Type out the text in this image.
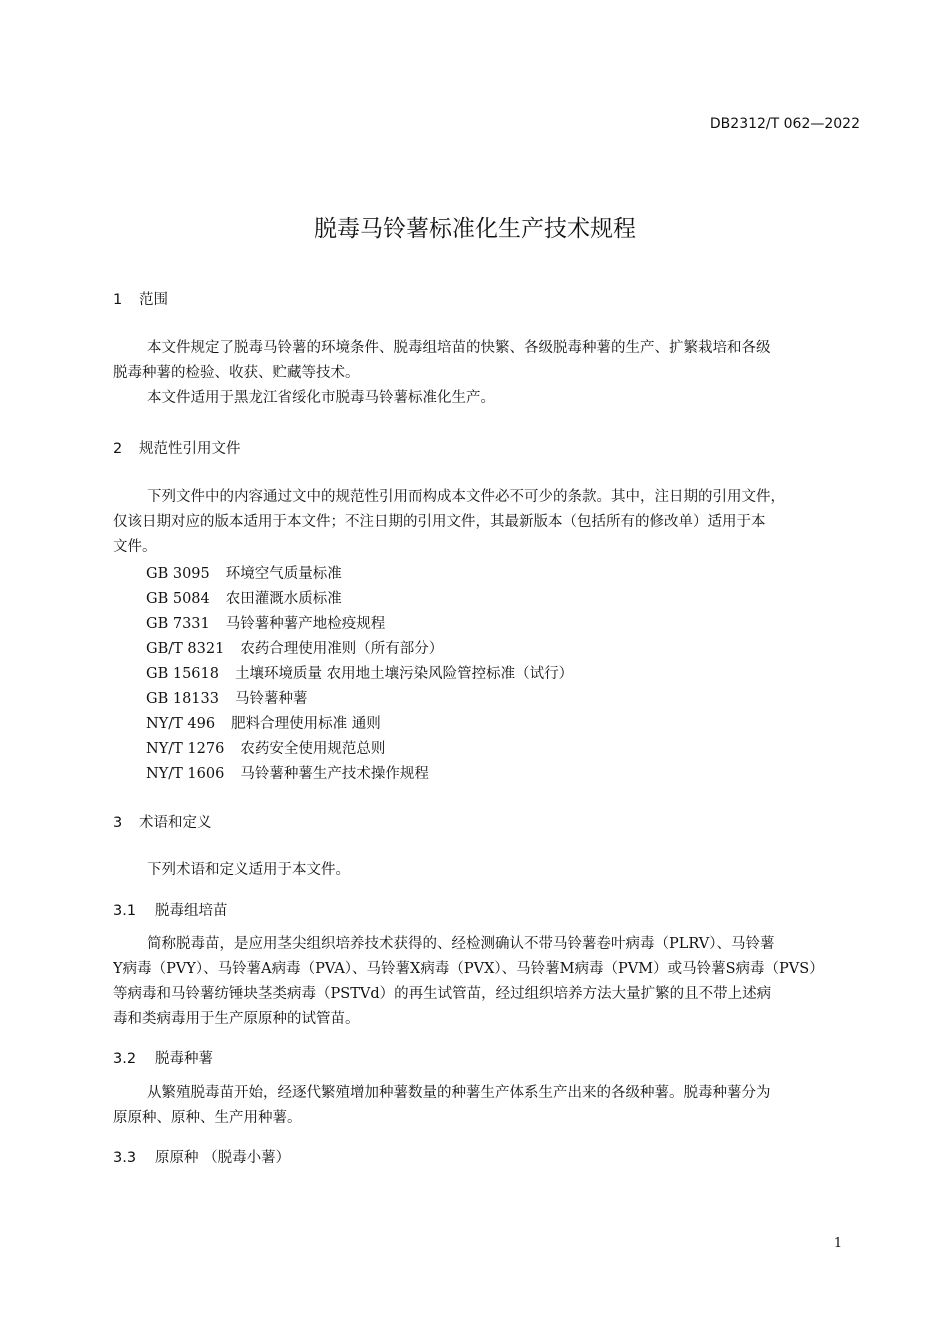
DB2312/T 062—2022
脱毒马铃薯标准化生产技术规程
1 范围
本文件规定了脱毒马铃薯的环境条件、脱毒组培苗的快繁、各级脱毒种薯的生产、扩繁栽培和各级
脱毒种薯的检验、收获、贮藏等技术。
本文件适用于黑龙江省绥化市脱毒马铃薯标准化生产。
2 规范性引用文件
下列文件中的内容通过文中的规范性引用而构成本文件必不可少的条款。其中，注日期的引用文件，
仅该日期对应的版本适用于本文件；不注日期的引用文件，其最新版本（包括所有的修改单）适用于本
文件。
GB 3095 环境空气质量标准
GB 5084 农田灌溉水质标准
GB 7331 马铃薯种薯产地检疫规程
GB/T 8321 农药合理使用准则（所有部分）
GB 15618 土壤环境质量 农用地土壤污染风险管控标准（试行）
GB 18133 马铃薯种薯
NY/T 496 肥料合理使用标准 通则
NY/T 1276 农药安全使用规范总则
NY/T 1606 马铃薯种薯生产技术操作规程
3 术语和定义
下列术语和定义适用于本文件。
3.1 脱毒组培苗
简称脱毒苗，是应用茎尖组织培养技术获得的、经检测确认不带马铃薯卷叶病毒（PLRV）、马铃薯
Y病毒（PVY）、马铃薯A病毒（PVA）、马铃薯X病毒（PVX）、马铃薯M病毒（PVM）或马铃薯S病毒（PVS）
等病毒和马铃薯纺锤块茎类病毒（PSTVd）的再生试管苗，经过组织培养方法大量扩繁的且不带上述病
毒和类病毒用于生产原原种的试管苗。
3.2 脱毒种薯
从繁殖脱毒苗开始，经逐代繁殖增加种薯数量的种薯生产体系生产出来的各级种薯。脱毒种薯分为
原原种、原种、生产用种薯。
3.3 原原种 （脱毒小薯）
1
